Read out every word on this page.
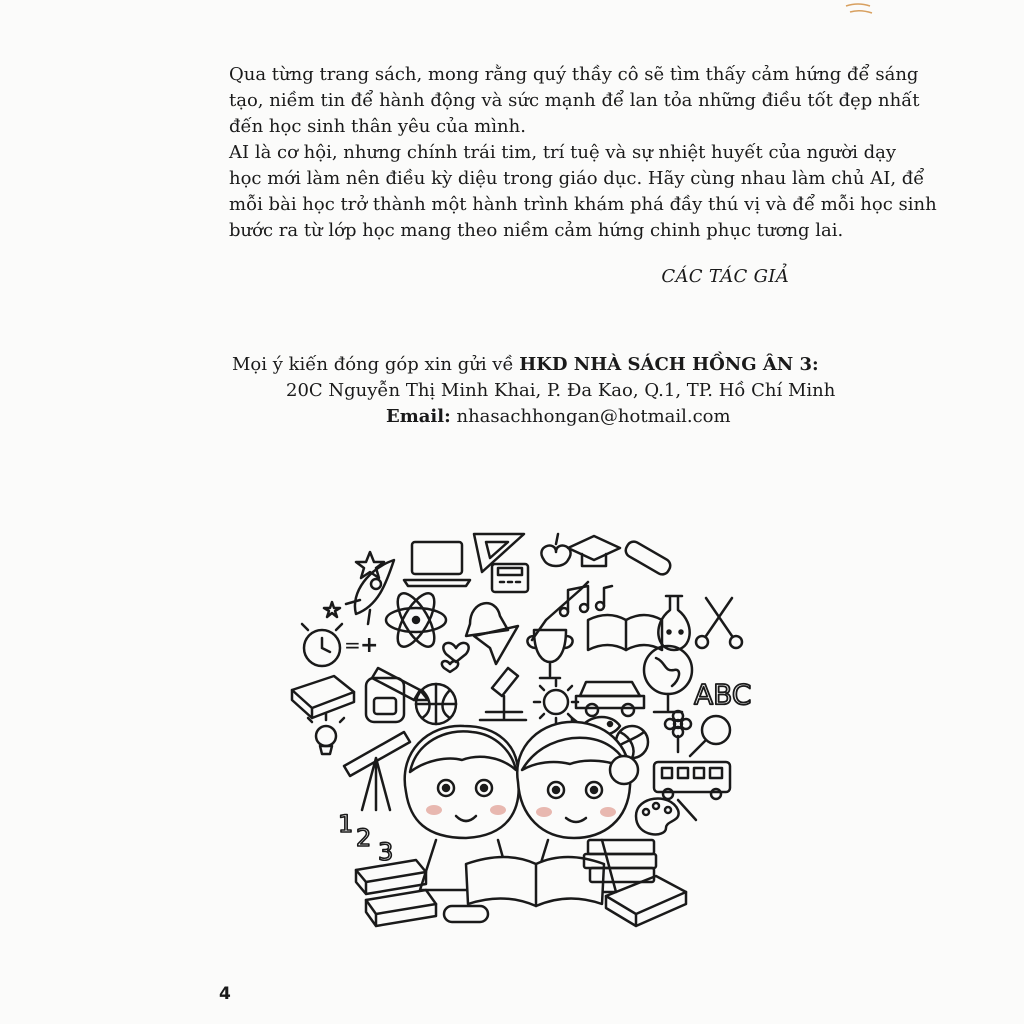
Qua từng trang sách, mong rằng quý thầy cô sẽ tìm thấy cảm hứng để sáng
tạo, niềm tin để hành động và sức mạnh để lan tỏa những điều tốt đẹp nhất
đến học sinh thân yêu của mình.

AI là cơ hội, nhưng chính trái tim, trí tuệ và sự nhiệt huyết của người dạy
học mới làm nên điều kỳ diệu trong giáo dục. Hãy cùng nhau làm chủ AI, để
mỗi bài học trở thành một hành trình khám phá đầy thú vị và để mỗi học sinh
bước ra từ lớp học mang theo niềm cảm hứng chinh phục tương lai.

CÁC TÁC GIẢ
Mọi ý kiến đóng góp xin gửi về HKD NHÀ SÁCH HỒNG ÂN 3:
20C Nguyễn Thị Minh Khai, P. Đa Kao, Q.1, TP. Hồ Chí Minh
Email: nhasachhongan@hotmail.com
= +
ABC
1 2 3
4
